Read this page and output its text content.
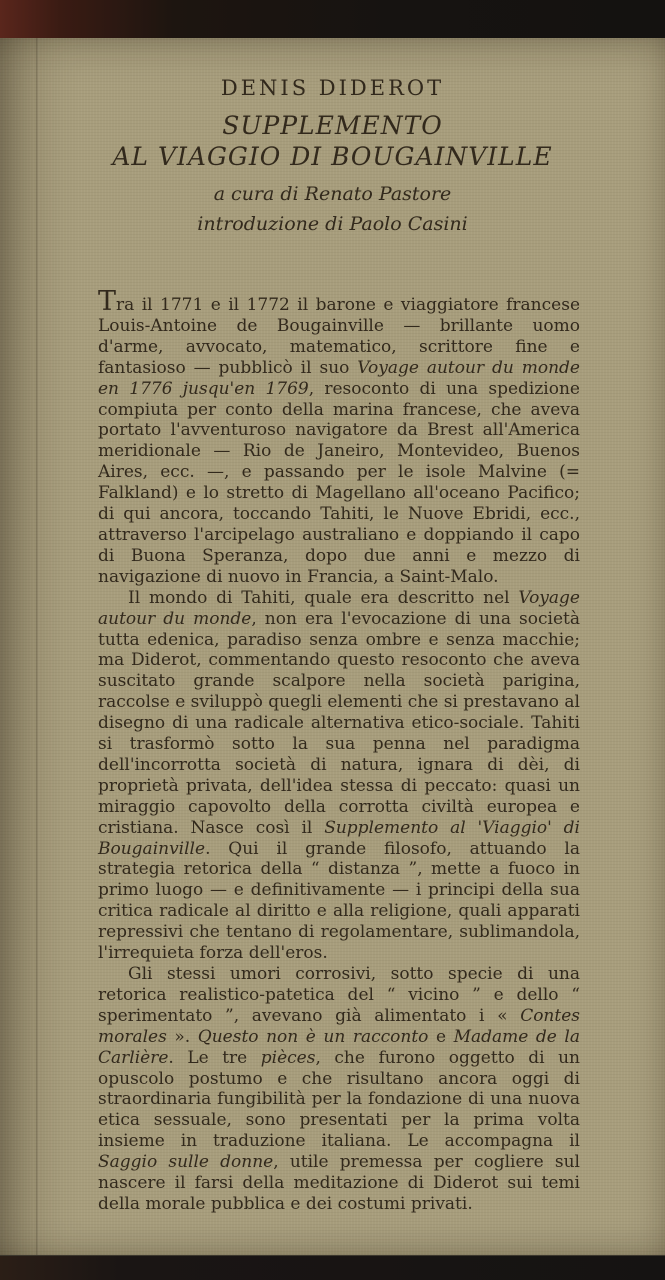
DENIS DIDEROT
SUPPLEMENTO
AL VIAGGIO DI BOUGAINVILLE
a cura di Renato Pastore
introduzione di Paolo Casini

Tra il 1771 e il 1772 il barone e viaggiatore francese Louis-Antoine de Bougainville — brillante uomo d'arme, avvocato, matematico, scrittore fine e fantasioso — pubblicò il suo Voyage autour du monde en 1776 jusqu'en 1769, resoconto di una spedizione compiuta per conto della marina francese, che aveva portato l'avventuroso navigatore da Brest all'America meridionale — Rio de Janeiro, Montevideo, Buenos Aires, ecc. —, e passando per le isole Malvine (= Falkland) e lo stretto di Magellano all'oceano Pacifico; di qui ancora, toccando Tahiti, le Nuove Ebridi, ecc., attraverso l'arcipelago australiano e doppiando il capo di Buona Speranza, dopo due anni e mezzo di navigazione di nuovo in Francia, a Saint-Malo.

Il mondo di Tahiti, quale era descritto nel Voyage autour du monde, non era l'evocazione di una società tutta edenica, paradiso senza ombre e senza macchie; ma Diderot, commentando questo resoconto che aveva suscitato grande scalpore nella società parigina, raccolse e sviluppò quegli elementi che si prestavano al disegno di una radicale alternativa etico-sociale. Tahiti si trasformò sotto la sua penna nel paradigma dell'incorrotta società di natura, ignara di dèi, di proprietà privata, dell'idea stessa di peccato: quasi un miraggio capovolto della corrotta civiltà europea e cristiana. Nasce così il Supplemento al 'Viaggio' di Bougainville. Qui il grande filosofo, attuando la strategia retorica della “ distanza ”, mette a fuoco in primo luogo — e definitivamente — i principi della sua critica radicale al diritto e alla religione, quali apparati repressivi che tentano di regolamentare, sublimandola, l'irrequieta forza dell'eros.

Gli stessi umori corrosivi, sotto specie di una retorica realistico-patetica del “ vicino ” e dello “ sperimentato ”, avevano già alimentato i « Contes morales ». Questo non è un racconto e Madame de la Carlière. Le tre pièces, che furono oggetto di un opuscolo postumo e che risultano ancora oggi di straordinaria fungibilità per la fondazione di una nuova etica sessuale, sono presentati per la prima volta insieme in traduzione italiana. Le accompagna il Saggio sulle donne, utile premessa per cogliere sul nascere il farsi della meditazione di Diderot sui temi della morale pubblica e dei costumi privati.
